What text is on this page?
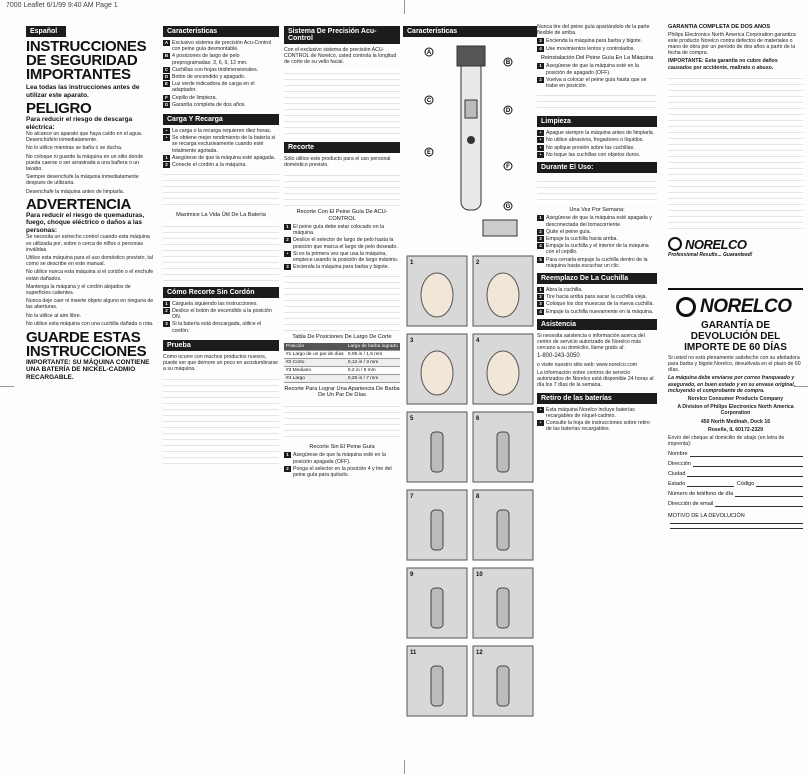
7000 Leaflet 6/1/99 9:40 AM Page 1
Español
INSTRUCCIONES DE SEGURIDAD IMPORTANTES
Lea todas las instrucciones antes de utilizar este aparato.
PELIGRO
Para reducir el riesgo de descarga eléctrica:
No alcance un aparato que haya caído en el agua. Desenchúfelo inmediatamente.
No lo utilice mientras se baña o se ducha.
No coloque ni guarde la máquina en un sitio donde pueda caerse o ser arrastrada a una bañera o un lavabo.
Siempre desenchufe la máquina inmediatamente después de utilizarla.
Desenchufe la máquina antes de limpiarla.
ADVERTENCIA
Para reducir el riesgo de quemaduras, fuego, choque eléctrico o daños a las personas:
Se necesita un estrecho control cuando esta máquina es utilizada por, sobre o cerca de niños o personas inválidas.
Utilice esta máquina para el uso doméstico previsto, tal como se describe en este manual.
No utilice nunca esta máquina si el cordón o el enchufe están dañados.
Mantenga la máquina y el cordón alejados de superficies calientes.
Nunca deje caer ni inserte objeto alguno en ninguna de las aberturas.
No la utilice al aire libre.
No utilice esta máquina con una cuchilla dañada o rota.
GUARDE ESTAS INSTRUCCIONES
IMPORTANTE: SU MÁQUINA CONTIENE UNA BATERÍA DE NICKEL-CADMIO RECARGABLE.
Características
A Exclusivo sistema de precisión Acu-Control con peine guía desmontable.
B 4 posiciones de largo de pelo preprogramadas: 3, 6, 9, 12 mm.
C Cuchillas con hojas triidimensionales.
D Botón de encendido y apagado.
E Luz verde indicadora de carga en el adaptador.
F Cepillo de limpieza.
G Garantía completa de dos años.
Carga Y Recarga
• La carga o la recarga requieren diez horas.
• Se obtiene mejor rendimiento de la batería si se recarga exclusivamente cuando esté totalmente agotada.
1 Asegúrese de que la máquina esté apagada.
2 Conecte el cordón a la máquina.
Maximice La Vida Útil De La Batería
Cómo Recorte Sin Cordón
1 Cárguela siguiendo las instrucciones.
2 Deslice el botón de encendido a la posición ON.
3 Si la batería está descargada, utilice el cordón.
Prueba
Como ocurre con muchos productos nuevos, puede ser que demore un poco en acostumbrarse a su máquina.
Sistema De Precisión Acu-Control
Con el exclusivo sistema de precisión ACU-CONTROL de Norelco, usted controla la longitud de corte de su vello facial.
Recorte
Sólo utilice este producto para el uso personal doméstico previsto.
Recorte Con El Peine Guía De ACU-CONTROL
1 El peine guía debe estar colocado en la máquina.
2 Deslice el selector de largo de pelo hasta la posición que marca el largo de pelo deseado.
• Si es la primera vez que usa la máquina, empiece usando la posición de largo máximo.
3 Encienda la máquina para barba y bigote.
Tabla De Posiciones De Largo De Corte
Posición	Largo de barba logrado
#1 Largo de un par de días	0,06 in / 1,5 mm
#2 Corto	0,12 in / 3 mm
#3 Mediano	0,2 in / 5 mm
#4 Largo	0,28 in / 7 mm
Recorte Para Lograr Una Apariencia De Barba De Un Par De Días
Recorte Sin El Peine Guía
1 Asegúrese de que la máquina esté en la posición apagada (OFF).
2 Ponga el selector en la posición 4 y tire del peine guía para quitarlo.
Características
A
B
C
D
E
F
G
1	2
3	4
5	6
7	8
9	10
11	12
Nunca tire del peine guía apartándolo de la parte flexible de arriba.
3 Encienda la máquina para barba y bigote.
4 Use movimientos lentos y controlados.
Reinstalación Del Peine Guía En La Máquina
1 Asegúrese de que la máquina esté en la posición de apagado (OFF).
2 Vuelva a colocar el peine guía hasta que se trabe en posición.
Limpieza
• Apague siempre la máquina antes de limpiarla.
• No utilice abrasivos, fregadores o líquidos.
• No aplique presión sobre las cuchillas.
• No toque las cuchillas con objetos duros.
Durante El Uso:
Una Vez Por Semana:
1 Asegúrese de que la máquina esté apagada y desconectada del tomacorriente.
2 Quite el peine guía.
3 Empuje la cuchilla hacia arriba.
4 Empuje la cuchilla y el interior de la máquina con el cepillo.
5 Para cerrarla empuje la cuchilla dentro de la máquina hasta escuchar un clic.
Reemplazo De La Cuchilla
1 Abra la cuchilla.
2 Tire hacia arriba para sacar la cuchilla vieja.
3 Coloque los dos muescas de la nueva cuchilla.
4 Empuje la cuchilla nuevamente en la máquina.
Asistencia
Si necesita asistencia o información acerca del centro de servicio autorizado de Norelco más cercano a su domicilio, llame gratis al:
1-800-243-3050
o visite nuestro sitio web: www.norelco.com
La información sobre centros de servicio autorizados de Norelco está disponible 24 horas al día los 7 días de la semana.
Retiro de las baterías
• Esta máquina Norelco incluye baterías recargables de níquel-cadmio.
• Consulte la hoja de instrucciones sobre retiro de las baterías recargables.
GARANTÍA COMPLETA DE DOS AÑOS
Philips Electronics North America Corporation garantiza este producto Norelco contra defectos de materiales o mano de obra por un período de dos años a partir de la fecha de compra.
IMPORTANTE: Esta garantía no cubre daños causados por accidente, maltrato o abuso.
NORELCO
Professional Results... Guaranteed!
NORELCO
GARANTÍA DE DEVOLUCIÓN DEL IMPORTE DE 60 DÍAS
Si usted no está plenamente satisfecho con su afeitadora para barba y bigote Norelco, devuélvala en el plazo de 60 días.
La máquina debe enviarse por correo franqueado y asegurado, en buen estado y en su envase original, incluyendo el comprobante de compra.
Norelco Consumer Products Company
A Division of Philips Electronics North America Corporation
450 North Medinah, Dock 16
Roselle, IL 60172-2329
Envío del cheque al domicilio de abajo (en letra de imprenta):
Nombre
Dirección
Ciudad
Estado	Código
Número de teléfono de día
Dirección de email
MOTIVO DE LA DEVOLUCIÓN
